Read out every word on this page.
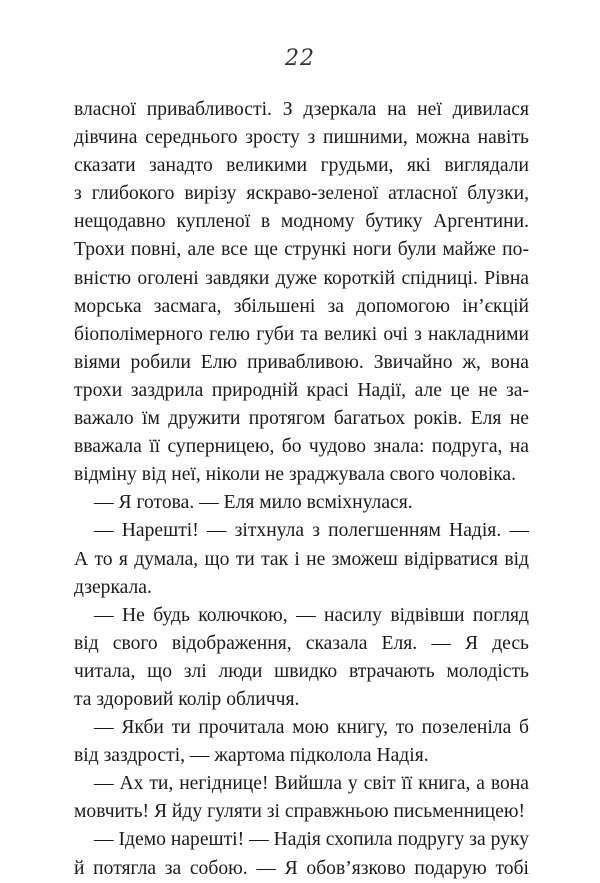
22
власної привабливості. З дзеркала на неї дивилася
дівчина середнього зросту з пишними, можна навіть
сказати занадто великими грудьми, які виглядали
з глибокого вирізу яскраво-зеленої атласної блузки,
нещодавно купленої в модному бутику Аргентини.
Трохи повні, але все ще стрункі ноги були майже по-
вністю оголені завдяки дуже короткій спідниці. Рівна
морська засмага, збільшені за допомогою ін’єкцій
біополімерного гелю губи та великі очі з накладними
віями робили Елю привабливою. Звичайно ж, вона
трохи заздрила природній красі Надії, але це не за-
важало їм дружити протягом багатьох років. Еля не
вважала її суперницею, бо чудово знала: подруга, на
відміну від неї, ніколи не зраджувала свого чоловіка.
— Я готова. — Еля мило всміхнулася.
— Нарешті! — зітхнула з полегшенням Надія. —
А то я думала, що ти так і не зможеш відірватися від
дзеркала.
— Не будь колючкою, — насилу відвівши погляд
від свого відображення, сказала Еля. — Я десь
читала, що злі люди швидко втрачають молодість
та здоровий колір обличчя.
— Якби ти прочитала мою книгу, то позеленіла б
від заздрості, — жартома підколола Надія.
— Ах ти, негіднице! Вийшла у світ її книга, а вона
мовчить! Я йду гуляти зі справжньою письменницею!
— Ідемо нарешті! — Надія схопила подругу за руку
й потягла за собою. — Я обов’язково подарую тобі
